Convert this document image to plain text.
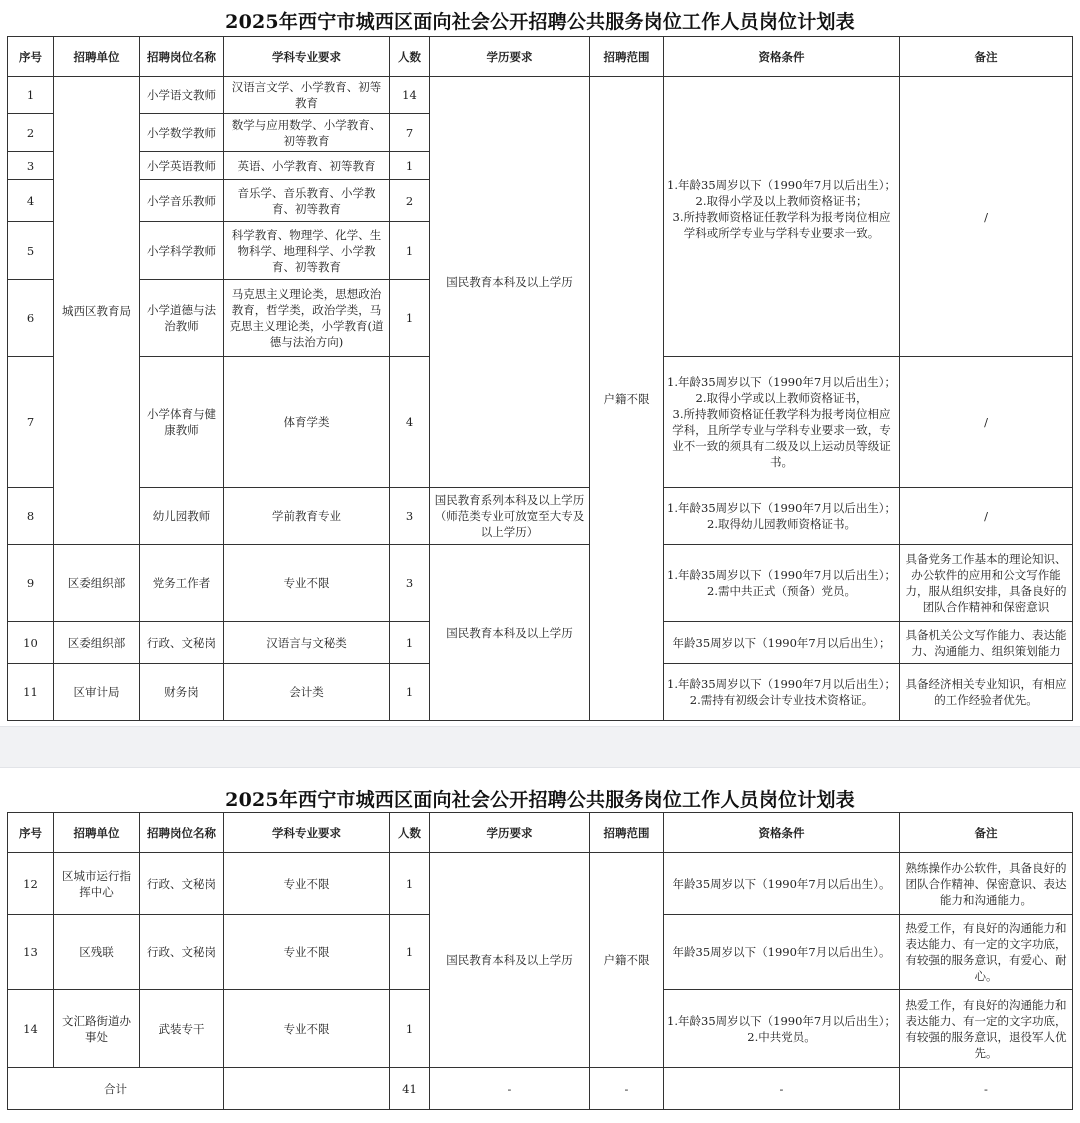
2025年西宁市城西区面向社会公开招聘公共服务岗位工作人员岗位计划表
序号	招聘单位	招聘岗位名称	学科专业要求	人数	学历要求	招聘范围	资格条件	备注
1	城西区教育局	小学语文教师	汉语言文学、小学教育、初等教育	14	国民教育本科及以上学历	户籍不限	1.年龄35周岁以下（1990年7月以后出生）；
2.取得小学及以上教师资格证书；
3.所持教师资格证任教学科为报考岗位相应学科或所学专业与学科专业要求一致。	/
2		小学数学教师	数学与应用数学、小学教育、初等教育	7				
3		小学英语教师	英语、小学教育、初等教育	1				
4		小学音乐教师	音乐学、音乐教育、小学教育、初等教育	2				
5		小学科学教师	科学教育、物理学、化学、生物科学、地理科学、小学教育、初等教育	1				
6		小学道德与法治教师	马克思主义理论类，思想政治教育，哲学类，政治学类，马克思主义理论类，小学教育(道德与法治方向)	1				
7		小学体育与健康教师	体育学类	4			1.年龄35周岁以下（1990年7月以后出生）；
2.取得小学或以上教师资格证书，
3.所持教师资格证任教学科为报考岗位相应学科，且所学专业与学科专业要求一致，专业不一致的须具有二级及以上运动员等级证书。	/
8		幼儿园教师	学前教育专业	3	国民教育系列本科及以上学历（师范类专业可放宽至大专及以上学历）		1.年龄35周岁以下（1990年7月以后出生）；
2.取得幼儿园教师资格证书。	/
9	区委组织部	党务工作者	专业不限	3	国民教育本科及以上学历		1.年龄35周岁以下（1990年7月以后出生）；
2.需中共正式（预备）党员。	具备党务工作基本的理论知识、办公软件的应用和公文写作能力，服从组织安排，具备良好的团队合作精神和保密意识
10	区委组织部	行政、文秘岗	汉语言与文秘类	1			年龄35周岁以下（1990年7月以后出生）；	具备机关公文写作能力、表达能力、沟通能力、组织策划能力
11	区审计局	财务岗	会计类	1			1.年龄35周岁以下（1990年7月以后出生）；
2.需持有初级会计专业技术资格证。	具备经济相关专业知识，有相应的工作经验者优先。
2025年西宁市城西区面向社会公开招聘公共服务岗位工作人员岗位计划表
序号	招聘单位	招聘岗位名称	学科专业要求	人数	学历要求	招聘范围	资格条件	备注
12	区城市运行指挥中心	行政、文秘岗	专业不限	1	国民教育本科及以上学历	户籍不限	年龄35周岁以下（1990年7月以后出生）。	熟练操作办公软件，具备良好的团队合作精神、保密意识、表达能力和沟通能力。
13	区残联	行政、文秘岗	专业不限	1			年龄35周岁以下（1990年7月以后出生）。	热爱工作，有良好的沟通能力和表达能力、有一定的文字功底，有较强的服务意识，有爱心、耐心。
14	文汇路街道办事处	武装专干	专业不限	1			1.年龄35周岁以下（1990年7月以后出生）；
2.中共党员。	热爱工作，有良好的沟通能力和表达能力、有一定的文字功底，有较强的服务意识，退役军人优先。
合计				41	-	-	-	-
